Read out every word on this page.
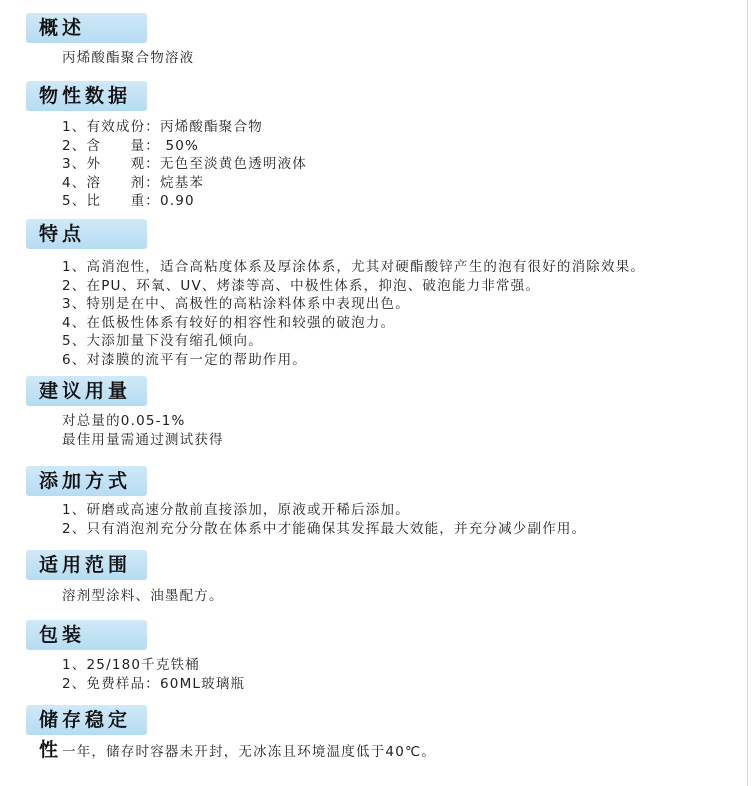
概述
丙烯酸酯聚合物溶液
物性数据
1、有效成份：丙烯酸酯聚合物
2、含　　量： 50%
3、外　　观：无色至淡黄色透明液体
4、溶　　剂：烷基苯
5、比　　重：0.90
特点
1、高消泡性，适合高粘度体系及厚涂体系，尤其对硬酯酸锌产生的泡有很好的消除效果。
2、在PU、环氧、UV、烤漆等高、中极性体系，抑泡、破泡能力非常强。
3、特别是在中、高极性的高粘涂料体系中表现出色。
4、在低极性体系有较好的相容性和较强的破泡力。
5、大添加量下没有缩孔倾向。
6、对漆膜的流平有一定的帮助作用。
建议用量
对总量的0.05-1%
最佳用量需通过测试获得
添加方式
1、研磨或高速分散前直接添加，原液或开稀后添加。
2、只有消泡剂充分分散在体系中才能确保其发挥最大效能，并充分减少副作用。
适用范围
溶剂型涂料、油墨配方。
包装
1、25/180千克铁桶
2、免费样品：60ML玻璃瓶
储存稳定性 一年，储存时容器未开封，无冰冻且环境温度低于40℃。
